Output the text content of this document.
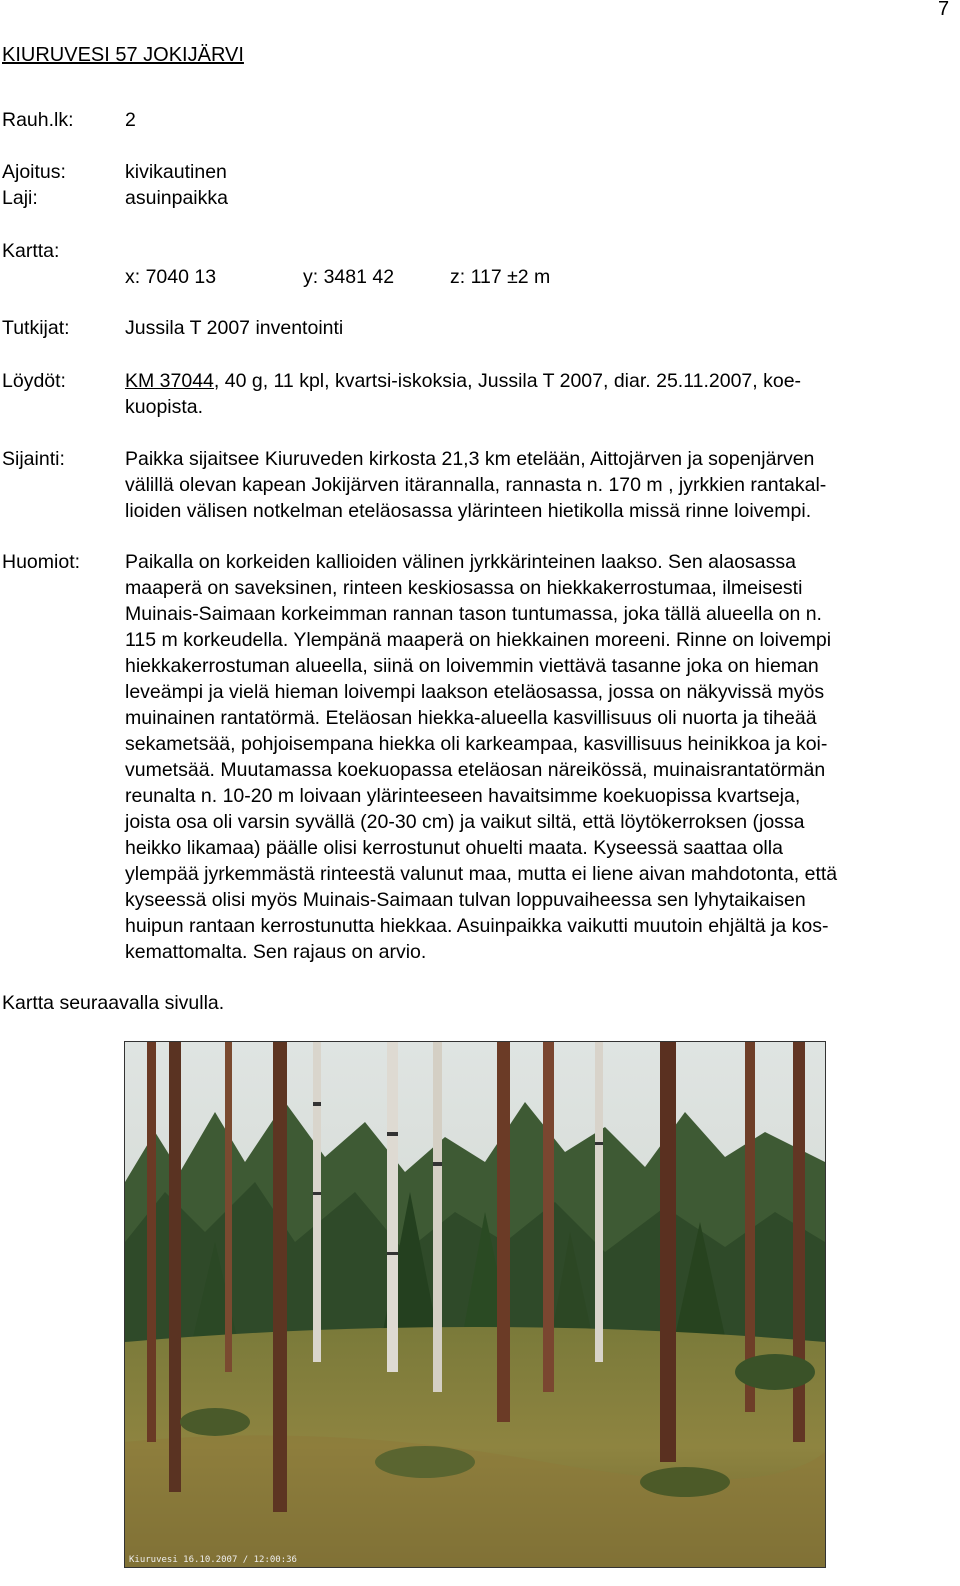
7
KIURUVESI 57 JOKIJÄRVI
Rauh.lk:	2
Ajoitus:	kivikautinen
Laji:	asuinpaikka
Kartta:
x: 7040 13	y: 3481 42	z: 117 ±2 m
Tutkijat:	Jussila T 2007 inventointi
Löydöt:	KM 37044, 40 g, 11 kpl, kvartsi-iskoksia, Jussila T 2007, diar. 25.11.2007, koe-
kuopista.
Sijainti:	Paikka sijaitsee Kiuruveden kirkosta 21,3 km etelään, Aittojärven ja sopenjärven
välillä olevan kapean Jokijärven itärannalla, rannasta n. 170 m , jyrkkien rantakal-
lioiden välisen notkelman eteläosassa ylärinteen hietikolla missä rinne loivempi.
Huomiot: Paikalla on korkeiden kallioiden välinen jyrkkärinteinen laakso. Sen alaosassa
maaperä on saveksinen, rinteen keskiosassa on hiekkakerrostumaa, ilmeisesti
Muinais-Saimaan korkeimman rannan tason tuntumassa, joka tällä alueella on n.
115 m korkeudella. Ylempänä maaperä on hiekkainen moreeni. Rinne on loivempi
hiekkakerrostuman alueella, siinä on loivemmin viettävä tasanne joka on hieman
leveämpi ja vielä hieman loivempi laakson eteläosassa, jossa on näkyvissä myös
muinainen rantatörmä. Eteläosan hiekka-alueella kasvillisuus oli nuorta ja tiheää
sekametsää, pohjoisempana hiekka oli karkeampaa, kasvillisuus heinikkoa ja koi-
vumetsää. Muutamassa koekuopassa eteläosan näreikössä, muinaisrantatörmän
reunalta n. 10-20 m loivaan ylärinteeseen havaitsimme koekuopissa kvartseja,
joista osa oli varsin syvällä (20-30 cm) ja vaikut siltä, että löytökerroksen (jossa
heikko likamaa) päälle olisi kerrostunut ohuelti maata. Kyseessä saattaa olla
ylempää jyrkemmästä rinteestä valunut maa, mutta ei liene aivan mahdotonta, että
kyseessä olisi myös Muinais-Saimaan tulvan loppuvaiheessa sen lyhytaikaisen
huipun rantaan kerrostunutta hiekkaa. Asuinpaikka vaikutti muutoin ehjältä ja kos-
kemattomalta. Sen rajaus on arvio.
Kartta seuraavalla sivulla.
Kiuruvesi 16.10.2007 / 12:00:36
